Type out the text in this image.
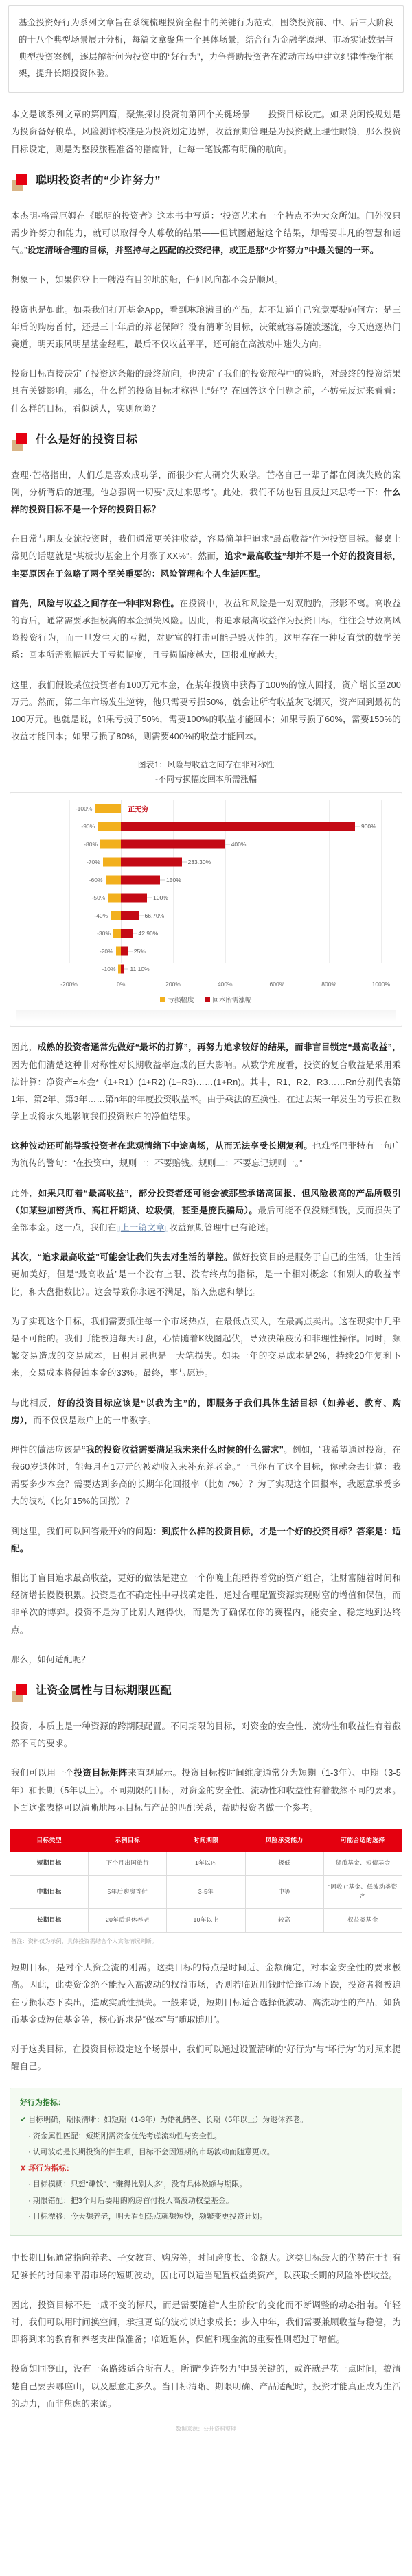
基金投资好行为系列文章旨在系统梳理投资全程中的关键行为范式，围绕投资前、中、后三大阶段的十八个典型场景展开分析，每篇文章聚焦一个具体场景，结合行为金融学原理、市场实证数据与典型投资案例，逐层解析何为投资中的“好行为”，力争帮助投资者在波动市场中建立纪律性操作框架，提升长期投资体验。

本文是该系列文章的第四篇，聚焦探讨投资前第四个关键场景——投资目标设定。如果说闲钱规划是为投资备好粮草，风险测评校准是为投资划定边界，收益预期管理是为投资戴上理性眼镜，那么投资目标设定，则是为整段旅程准备的指南针，让每一笔钱都有明确的航向。
聪明投资者的“少许努力”
本杰明·格雷厄姆在《聪明的投资者》这本书中写道：“投资艺术有一个特点不为大众所知。门外汉只需少许努力和能力，就可以取得令人尊敬的结果——但试图超越这个结果，却需要非凡的智慧和运气。”设定清晰合理的目标，并坚持与之匹配的投资纪律，或正是那“少许努力”中最关键的一环。
想象一下，如果你登上一艘没有目的地的船，任何风向都不会是顺风。
投资也是如此。如果我们打开基金App，看到琳琅满目的产品，却不知道自己究竟要驶向何方：是三年后的购房首付，还是三十年后的养老保障？没有清晰的目标，决策就容易随波逐流，今天追逐热门赛道，明天跟风明星基金经理，最后不仅收益平平，还可能在高波动中迷失方向。
投资目标直接决定了投资这条船的最终航向，也决定了我们的投资旅程中的策略，对最终的投资结果具有关键影响。那么，什么样的投资目标才称得上“好”？在回答这个问题之前，不妨先反过来看看：什么样的目标，看似诱人，实则危险？
什么是好的投资目标
查理·芒格指出，人们总是喜欢成功学，而很少有人研究失败学。芒格自己一辈子都在阅读失败的案例，分析背后的道理。他总强调一切要“反过来思考”。此处，我们不妨也暂且反过来思考一下：什么样的投资目标不是一个好的投资目标？
在日常与朋友交流投资时，我们通常更关注收益，容易简单把追求“最高收益”作为投资目标。餐桌上常见的话题就是“某板块/基金上个月涨了XX%”。然而，追求“最高收益”却并不是一个好的投资目标，主要原因在于忽略了两个至关重要的：风险管理和个人生活匹配。
首先，风险与收益之间存在一种非对称性。在投资中，收益和风险是一对双胞胎，形影不离。高收益的背后，通常需要承担极高的本金损失风险。因此，将追求最高收益作为投资目标，往往会导致高风险投资行为，而一旦发生大的亏损，对财富的打击可能是毁灭性的。这里存在一种反直觉的数学关系：回本所需涨幅远大于亏损幅度，且亏损幅度越大，回报难度越大。
这里，我们假设某位投资者有100万元本金，在某年投资中获得了100%的惊人回报，资产增长至200万元。然而，第二年市场发生逆转，他只需要亏损50%，就会让所有收益灰飞烟灭，资产回到最初的100万元。也就是说，如果亏损了50%，需要100%的收益才能回本；如果亏损了60%，需要150%的收益才能回本；如果亏损了80%，则需要400%的收益才能回本。
图表1：风险与收益之间存在非对称性
-不同亏损幅度回本所需涨幅
-100%	正无穷
-90%	900%
-80%	400%
-70%	233.30%
-60%	150%
-50%	100%
-40%	66.70%
-30%	42.90%
-20%	25%
-10% 11.10%
-200%	0%	200%	400%	600%	800%	1000%
亏损幅度	回本所需涨幅
因此，成熟的投资者通常先做好“最坏的打算”，再努力追求较好的结果，而非盲目锁定“最高收益”，因为他们清楚这种非对称性对长期收益率造成的巨大影响。从数学角度看，投资的复合收益是采用乘法计算：净资产=本金*（1+R1）(1+R2) (1+R3)……(1+Rn)。其中，R1、R2、R3……Rn分别代表第1年、第2年、第3年……第n年的年度投资收益率。由于乘法的互换性，在过去某一年发生的亏损在数学上或将永久地影响我们投资账户的净值结果。
这种波动还可能导致投资者在悲观情绪下中途离场，从而无法享受长期复利。也难怪巴菲特有一句广为流传的警句：“在投资中，规则一：不要赔钱。规则二：不要忘记规则一。”
此外，如果只盯着“最高收益”，部分投资者还可能会被那些承诺高回报、但风险极高的产品所吸引（如某些加密货币、高杠杆期货、垃圾债，甚至是庞氏骗局）。最后可能不仅没赚到钱，反而损失了全部本金。这一点，我们在▯上一篇文章▯收益预期管理中已有论述。
其次，“追求最高收益”可能会让我们失去对生活的掌控。做好投资目的是服务于自己的生活，让生活更加美好，但是“最高收益”是一个没有上限、没有终点的指标，是一个相对概念（和别人的收益率比，和大盘指数比）。这会导致你永远不满足，陷入焦虑和攀比。
为了实现这个目标，我们需要抓住每一个市场热点，在最低点买入，在最高点卖出。这在现实中几乎是不可能的。我们可能被迫每天盯盘，心情随着K线图起伏，导致决策疲劳和非理性操作。同时，频繁交易造成的交易成本，日积月累也是一大笔损失。如果一年的交易成本是2%，持续20年复利下来，交易成本将侵蚀本金的33%。最终，事与愿违。
与此相反，好的投资目标应该是“以我为主”的，即服务于我们具体生活目标（如养老、教育、购房），而不仅仅是账户上的一串数字。
理性的做法应该是“我的投资收益需要满足我未来什么时候的什么需求”。例如，“我希望通过投资，在我60岁退休时，能每月有1万元的被动收入来补充养老金。”一旦你有了这个目标，你就会去计算：我需要多少本金？需要达到多高的长期年化回报率（比如7%）？为了实现这个回报率，我愿意承受多大的波动（比如15%的回撤）？
到这里，我们可以回答最开始的问题：到底什么样的投资目标，才是一个好的投资目标？答案是：适配。
相比于盲目追求最高收益，更好的做法是建立一个你晚上能睡得着觉的资产组合，让财富随着时间和经济增长慢慢积累。投资是在不确定性中寻找确定性，通过合理配置资源实现财富的增值和保值，而非单次的博弈。投资不是为了比别人跑得快，而是为了确保在你的赛程内，能安全、稳定地到达终点。
那么，如何适配呢？
让资金属性与目标期限匹配
投资，本质上是一种资源的跨期限配置。不同期限的目标，对资金的安全性、流动性和收益性有着截然不同的要求。
我们可以用一个投资目标矩阵来直观展示。投资目标按时间维度通常分为短期（1-3年）、中期（3-5年）和长期（5年以上）。不同期限的目标，对资金的安全性、流动性和收益性有着截然不同的要求。下面这张表格可以清晰地展示目标与产品的匹配关系，帮助投资者做一个参考。
目标类型	示例目标	时间期限	风险承受能力	可能合适的选择
短期目标	下个月出国旅行	1年以内	极低	货币基金、短债基金
中期目标	5年后购房首付	3-5年	中等	“固收+”基金、低波动类资产
长期目标	20年后退休养老	10年以上	较高	权益类基金
备注：资料仅为示例，具体投资需结合个人实际情况判断。
短期目标，是对个人资金流的刚需。这类目标的特点是时间近、金额确定，对本金安全性的要求极高。因此，此类资金绝不能投入高波动的权益市场，否则若临近用钱时恰逢市场下跌，投资者将被迫在亏损状态下卖出，造成实质性损失。一般来说，短期目标适合选择低波动、高流动性的产品，如货币基金或短债基金等，核心诉求是“保本”与“随取随用”。
对于这类目标，在投资目标设定这个场景中，我们可以通过设置清晰的“好行为”与“坏行为”的对照来提醒自己。
好行为指标：
✔ 目标明确，期限清晰：如短期（1-3年）为婚礼储备、长期（5年以上）为退休养老。
· 资金属性匹配：短期刚需资金优先考虑流动性与安全性。
· 认可波动是长期投资的伴生项，目标不会因短期的市场波动而随意更改。
✘ 坏行为指标：
· 目标模糊：只想“赚钱”、“赚得比别人多”，没有具体数额与期限。
· 期限错配：把3个月后要用的购房首付投入高波动权益基金。
· 目标漂移：今天想养老，明天看到热点就想短炒，频繁变更投资计划。
中长期目标通常指向养老、子女教育、购房等，时间跨度长、金额大。这类目标最大的优势在于拥有足够长的时间来平滑市场的短期波动，因此可以适当配置权益类资产，以获取长期的风险补偿收益。
因此，投资目标不是一成不变的标尺，而是需要随着“人生阶段”的变化而不断调整的动态指南。年轻时，我们可以用时间换空间，承担更高的波动以追求成长；步入中年，我们需要兼顾收益与稳健，为即将到来的教育和养老支出做准备；临近退休，保值和现金流的重要性则超过了增值。
投资如同登山，没有一条路线适合所有人。所谓“少许努力”中最关键的，或许就是花一点时间，搞清楚自己要去哪座山，以及愿意走多久。当目标清晰、期限明确、产品适配时，投资才能真正成为生活的助力，而非焦虑的来源。
数据来源：公开资料整理
